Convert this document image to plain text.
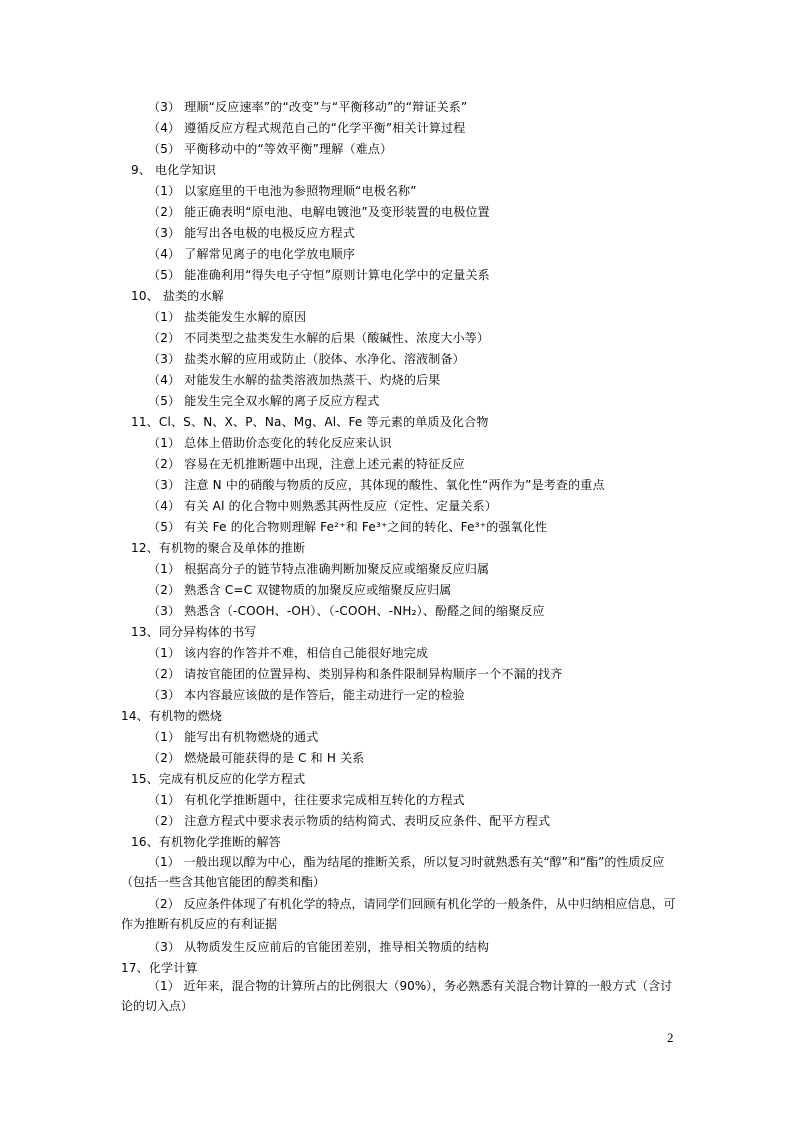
（3） 理顺“反应速率”的“改变”与“平衡移动”的“辩证关系”
（4） 遵循反应方程式规范自己的“化学平衡”相关计算过程
（5） 平衡移动中的“等效平衡”理解（难点）
9、 电化学知识
（1） 以家庭里的干电池为参照物理顺“电极名称”
（2） 能正确表明“原电池、电解电镀池”及变形装置的电极位置
（3） 能写出各电极的电极反应方程式
（4） 了解常见离子的电化学放电顺序
（5） 能准确利用“得失电子守恒”原则计算电化学中的定量关系
10、 盐类的水解
（1） 盐类能发生水解的原因
（2） 不同类型之盐类发生水解的后果（酸碱性、浓度大小等）
（3） 盐类水解的应用或防止（胶体、水净化、溶液制备）
（4） 对能发生水解的盐类溶液加热蒸干、灼烧的后果
（5） 能发生完全双水解的离子反应方程式
11、Cl、S、N、X、P、Na、Mg、Al、Fe 等元素的单质及化合物
（1） 总体上借助价态变化的转化反应来认识
（2） 容易在无机推断题中出现，注意上述元素的特征反应
（3） 注意 N 中的硝酸与物质的反应，其体现的酸性、氧化性“两作为”是考查的重点
（4） 有关 Al 的化合物中则熟悉其两性反应（定性、定量关系）
（5） 有关 Fe 的化合物则理解 Fe²⁺和 Fe³⁺之间的转化、Fe³⁺的强氧化性
12、有机物的聚合及单体的推断
（1） 根据高分子的链节特点准确判断加聚反应或缩聚反应归属
（2） 熟悉含 C=C 双键物质的加聚反应或缩聚反应归属
（3） 熟悉含（-COOH、-OH）、（-COOH、-NH₂）、酚醛之间的缩聚反应
13、同分异构体的书写
（1） 该内容的作答并不难，相信自己能很好地完成
（2） 请按官能团的位置异构、类别异构和条件限制异构顺序一个不漏的找齐
（3） 本内容最应该做的是作答后，能主动进行一定的检验
14、有机物的燃烧
（1） 能写出有机物燃烧的通式
（2） 燃烧最可能获得的是 C 和 H 关系
15、完成有机反应的化学方程式
（1） 有机化学推断题中，往往要求完成相互转化的方程式
（2） 注意方程式中要求表示物质的结构简式、表明反应条件、配平方程式
16、有机物化学推断的解答
（1） 一般出现以醇为中心，酯为结尾的推断关系，所以复习时就熟悉有关“醇”和“酯”的性质反应（包括一些含其他官能团的醇类和酯）
（2） 反应条件体现了有机化学的特点，请同学们回顾有机化学的一般条件，从中归纳相应信息，可作为推断有机反应的有利证据
（3） 从物质发生反应前后的官能团差别，推导相关物质的结构
17、化学计算
（1） 近年来，混合物的计算所占的比例很大（90%），务必熟悉有关混合物计算的一般方式（含讨论的切入点）
2
